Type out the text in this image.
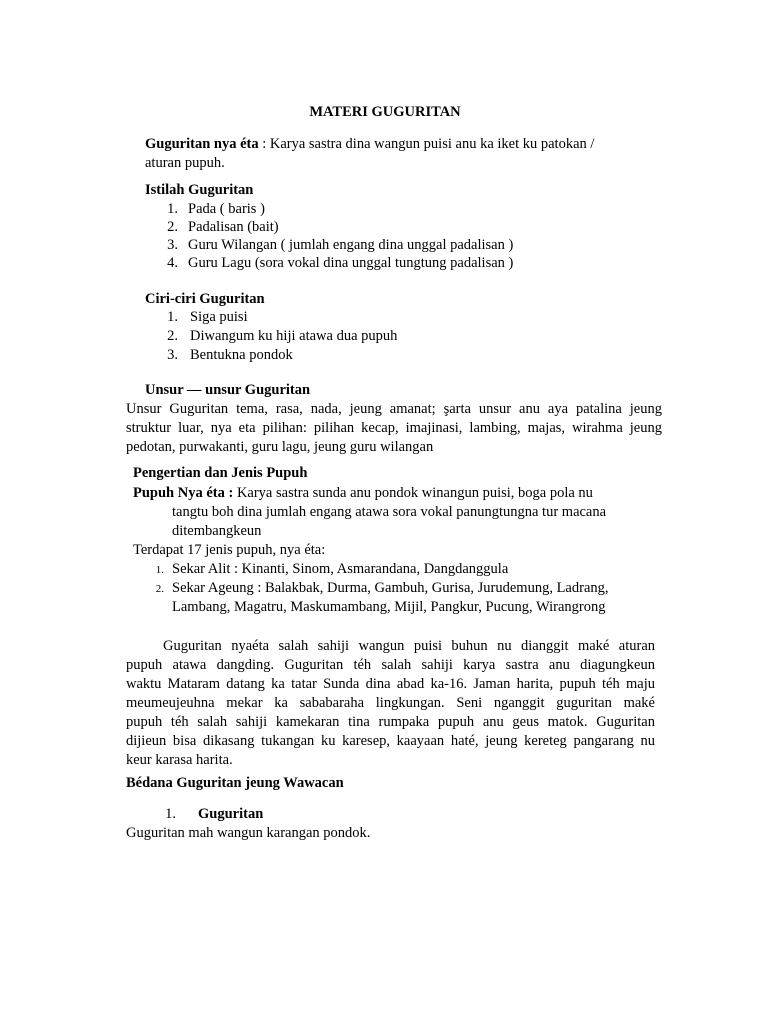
MATERI GUGURITAN
Guguritan nya éta : Karya sastra dina wangun puisi anu ka iket ku patokan /
aturan pupuh.
Istilah Guguritan
1. Pada ( baris )
2. Padalisan (bait)
3. Guru Wilangan ( jumlah engang dina unggal padalisan )
4. Guru Lagu (sora vokal dina unggal tungtung padalisan )
Ciri-ciri Guguritan
1. Siga puisi
2. Diwangum ku hiji atawa dua pupuh
3. Bentukna pondok
Unsur — unsur Guguritan
Unsur Guguritan tema, rasa, nada, jeung amanat; şarta unsur anu aya patalina jeung
struktur luar, nya eta pilihan: pilihan kecap, imajinasi, lambing, majas, wirahma jeung
pedotan, purwakanti, guru lagu, jeung guru wilangan
Pengertian dan Jenis Pupuh
Pupuh Nya éta : Karya sastra sunda anu pondok winangun puisi, boga pola nu
tangtu boh dina jumlah engang atawa sora vokal panungtungna tur macana
ditembangkeun
Terdapat 17 jenis pupuh, nya éta:
1. Sekar Alit : Kinanti, Sinom, Asmarandana, Dangdanggula
2. Sekar Ageung : Balakbak, Durma, Gambuh, Gurisa, Jurudemung, Ladrang,
Lambang, Magatru, Maskumambang, Mijil, Pangkur, Pucung, Wirangrong
Guguritan nyaéta salah sahiji wangun puisi buhun nu dianggit maké aturan
pupuh atawa dangding. Guguritan téh salah sahiji karya sastra anu diagungkeun
waktu Mataram datang ka tatar Sunda dina abad ka-16. Jaman harita, pupuh téh maju
meumeujeuhna mekar ka sababaraha lingkungan. Seni nganggit guguritan maké
pupuh téh salah sahiji kamekaran tina rumpaka pupuh anu geus matok. Guguritan
dijieun bisa dikasang tukangan ku karesep, kaayaan haté, jeung kereteg pangarang nu
keur karasa harita.
Bédana Guguritan jeung Wawacan
1. Guguritan
Guguritan mah wangun karangan pondok.
